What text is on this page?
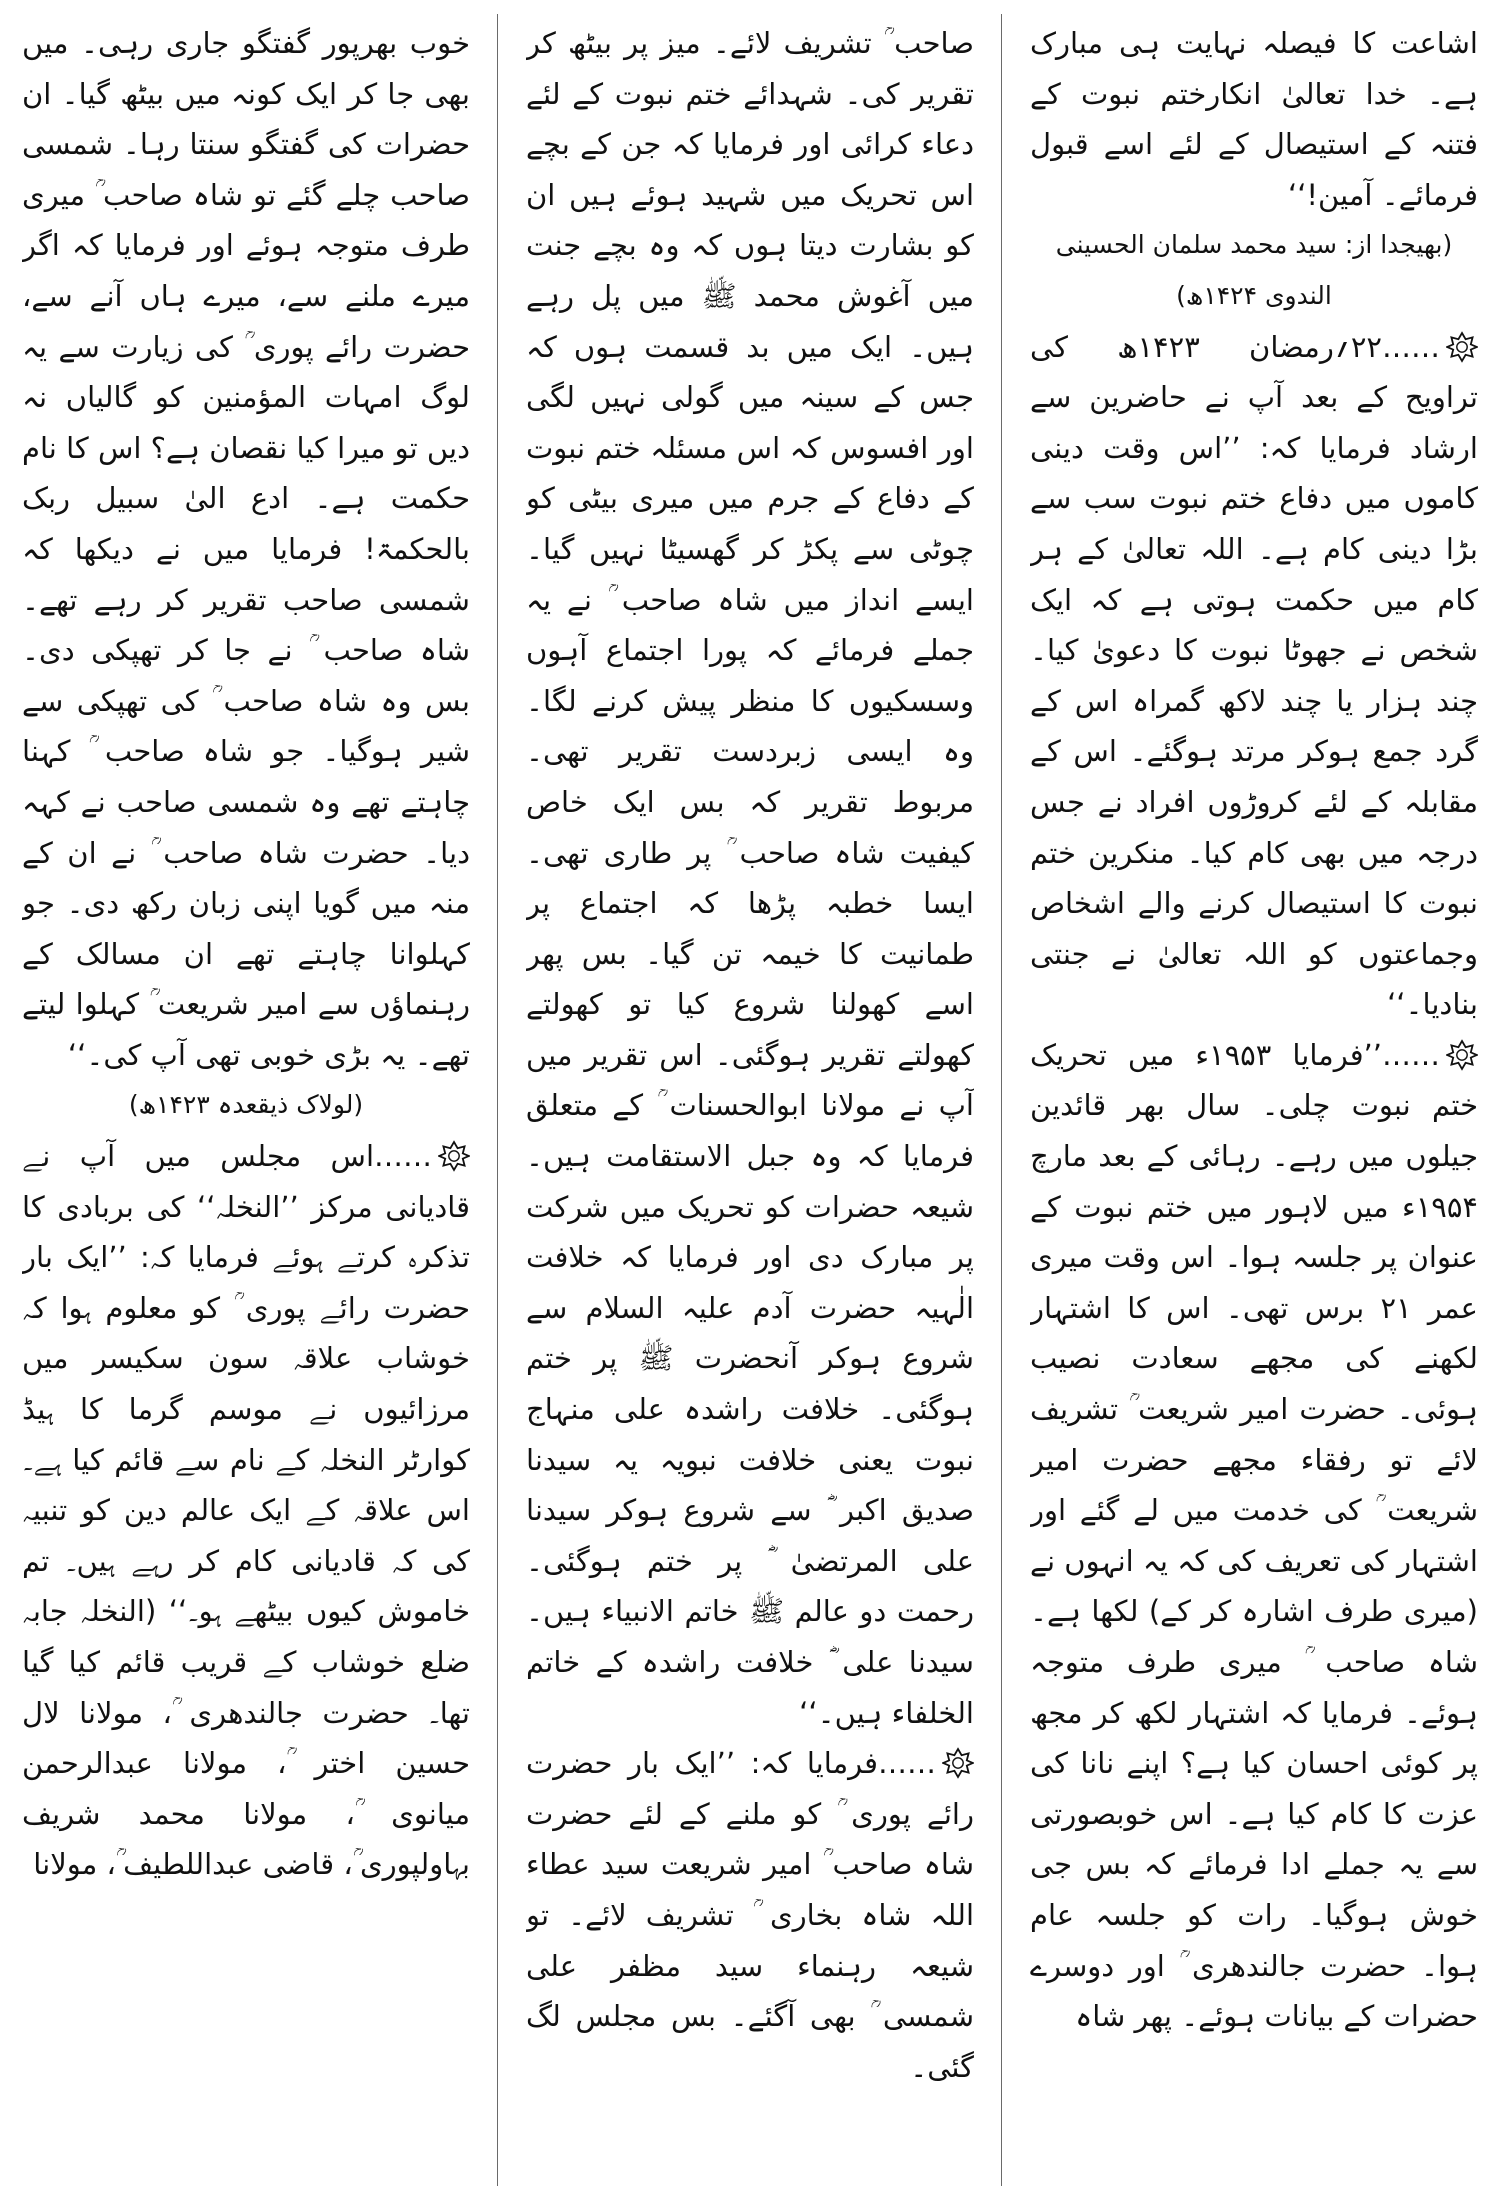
اشاعت کا فیصلہ نہایت ہی مبارک ہے۔ خدا تعالیٰ انکارختم نبوت کے فتنہ کے استیصال کے لئے اسے قبول فرمائے۔ آمین!‘‘
(بھیجدا از: سید محمد سلمان الحسینی الندوی ۱۴۲۴ھ)
……۲۲؍رمضان ۱۴۲۳ھ کی تراویح کے بعد آپ نے حاضرین سے ارشاد فرمایا کہ: ’’اس وقت دینی کاموں میں دفاع ختم نبوت سب سے بڑا دینی کام ہے۔ اللہ تعالیٰ کے ہر کام میں حکمت ہوتی ہے کہ ایک شخص نے جھوٹا نبوت کا دعویٰ کیا۔ چند ہزار یا چند لاکھ گمراہ اس کے گرد جمع ہوکر مرتد ہوگئے۔ اس کے مقابلہ کے لئے کروڑوں افراد نے جس درجہ میں بھی کام کیا۔ منکرین ختم نبوت کا استیصال کرنے والے اشخاص وجماعتوں کو اللہ تعالیٰ نے جنتی بنادیا۔‘‘
……’’فرمایا ۱۹۵۳ء میں تحریک ختم نبوت چلی۔ سال بھر قائدین جیلوں میں رہے۔ رہائی کے بعد مارچ ۱۹۵۴ء میں لاہور میں ختم نبوت کے عنوان پر جلسہ ہوا۔ اس وقت میری عمر ۲۱ برس تھی۔ اس کا اشتہار لکھنے کی مجھے سعادت نصیب ہوئی۔ حضرت امیر شریعت ؒ تشریف لائے تو رفقاء مجھے حضرت امیر شریعت ؒ کی خدمت میں لے گئے اور اشتہار کی تعریف کی کہ یہ انہوں نے (میری طرف اشارہ کر کے) لکھا ہے۔ شاہ صاحب ؒ میری طرف متوجہ ہوئے۔ فرمایا کہ اشتہار لکھ کر مجھ پر کوئی احسان کیا ہے؟ اپنے نانا کی عزت کا کام کیا ہے۔ اس خوبصورتی سے یہ جملے ادا فرمائے کہ بس جی خوش ہوگیا۔ رات کو جلسہ عام ہوا۔ حضرت جالندھری ؒ اور دوسرے حضرات کے بیانات ہوئے۔ پھر شاہ
صاحب ؒ تشریف لائے۔ میز پر بیٹھ کر تقریر کی۔ شہدائے ختم نبوت کے لئے دعاء کرائی اور فرمایا کہ جن کے بچے اس تحریک میں شہید ہوئے ہیں ان کو بشارت دیتا ہوں کہ وہ بچے جنت میں آغوش محمد ﷺ میں پل رہے ہیں۔ ایک میں بد قسمت ہوں کہ جس کے سینہ میں گولی نہیں لگی اور افسوس کہ اس مسئلہ ختم نبوت کے دفاع کے جرم میں میری بیٹی کو چوٹی سے پکڑ کر گھسیٹا نہیں گیا۔ ایسے انداز میں شاہ صاحب ؒ نے یہ جملے فرمائے کہ پورا اجتماع آہوں وسسکیوں کا منظر پیش کرنے لگا۔ وہ ایسی زبردست تقریر تھی۔ مربوط تقریر کہ بس ایک خاص کیفیت شاہ صاحب ؒ پر طاری تھی۔ ایسا خطبہ پڑھا کہ اجتماع پر طمانیت کا خیمہ تن گیا۔ بس پھر اسے کھولنا شروع کیا تو کھولتے کھولتے تقریر ہوگئی۔ اس تقریر میں آپ نے مولانا ابوالحسنات ؒ کے متعلق فرمایا کہ وہ جبل الاستقامت ہیں۔ شیعہ حضرات کو تحریک میں شرکت پر مبارک دی اور فرمایا کہ خلافت الٰہیہ حضرت آدم علیہ السلام سے شروع ہوکر آنحضرت ﷺ پر ختم ہوگئی۔ خلافت راشدہ علی منہاج نبوت یعنی خلافت نبویہ یہ سیدنا صدیق اکبر ؓ سے شروع ہوکر سیدنا علی المرتضیٰ ؓ پر ختم ہوگئی۔ رحمت دو عالم ﷺ خاتم الانبیاء ہیں۔ سیدنا علی ؓ خلافت راشدہ کے خاتم الخلفاء ہیں۔‘‘
……فرمایا کہ: ’’ایک بار حضرت رائے پوری ؒ کو ملنے کے لئے حضرت شاہ صاحب ؒ امیر شریعت سید عطاء اللہ شاہ بخاری ؒ تشریف لائے۔ تو شیعہ رہنماء سید مظفر علی شمسی ؒ بھی آگئے۔ بس مجلس لگ گئی۔
خوب بھرپور گفتگو جاری رہی۔ میں بھی جا کر ایک کونہ میں بیٹھ گیا۔ ان حضرات کی گفتگو سنتا رہا۔ شمسی صاحب چلے گئے تو شاہ صاحب ؒ میری طرف متوجہ ہوئے اور فرمایا کہ اگر میرے ملنے سے، میرے ہاں آنے سے، حضرت رائے پوری ؒ کی زیارت سے یہ لوگ امہات المؤمنین کو گالیاں نہ دیں تو میرا کیا نقصان ہے؟ اس کا نام حکمت ہے۔ ادع الیٰ سبیل ربک بالحکمۃ! فرمایا میں نے دیکھا کہ شمسی صاحب تقریر کر رہے تھے۔ شاہ صاحب ؒ نے جا کر تھپکی دی۔ بس وہ شاہ صاحب ؒ کی تھپکی سے شیر ہوگیا۔ جو شاہ صاحب ؒ کہنا چاہتے تھے وہ شمسی صاحب نے کہہ دیا۔ حضرت شاہ صاحب ؒ نے ان کے منہ میں گویا اپنی زبان رکھ دی۔ جو کہلوانا چاہتے تھے ان مسالک کے رہنماؤں سے امیر شریعت ؒ کہلوا لیتے تھے۔ یہ بڑی خوبی تھی آپ کی۔‘‘
(لولاک ذیقعدہ ۱۴۲۳ھ)
……اس مجلس میں آپ نے قادیانی مرکز ’’النخلہ‘‘ کی بربادی کا تذکرہ کرتے ہوئے فرمایا کہ: ’’ایک بار حضرت رائے پوری ؒ کو معلوم ہوا کہ خوشاب علاقہ سون سکیسر میں مرزائیوں نے موسم گرما کا ہیڈ کوارٹر النخلہ کے نام سے قائم کیا ہے۔ اس علاقہ کے ایک عالم دین کو تنبیہ کی کہ قادیانی کام کر رہے ہیں۔ تم خاموش کیوں بیٹھے ہو۔‘‘ (النخلہ جابہ ضلع خوشاب کے قریب قائم کیا گیا تھا۔ حضرت جالندھری ؒ، مولانا لال حسین اختر ؒ، مولانا عبدالرحمن میانوی ؒ، مولانا محمد شریف بہاولپوری ؒ، قاضی عبداللطیف ؒ، مولانا
